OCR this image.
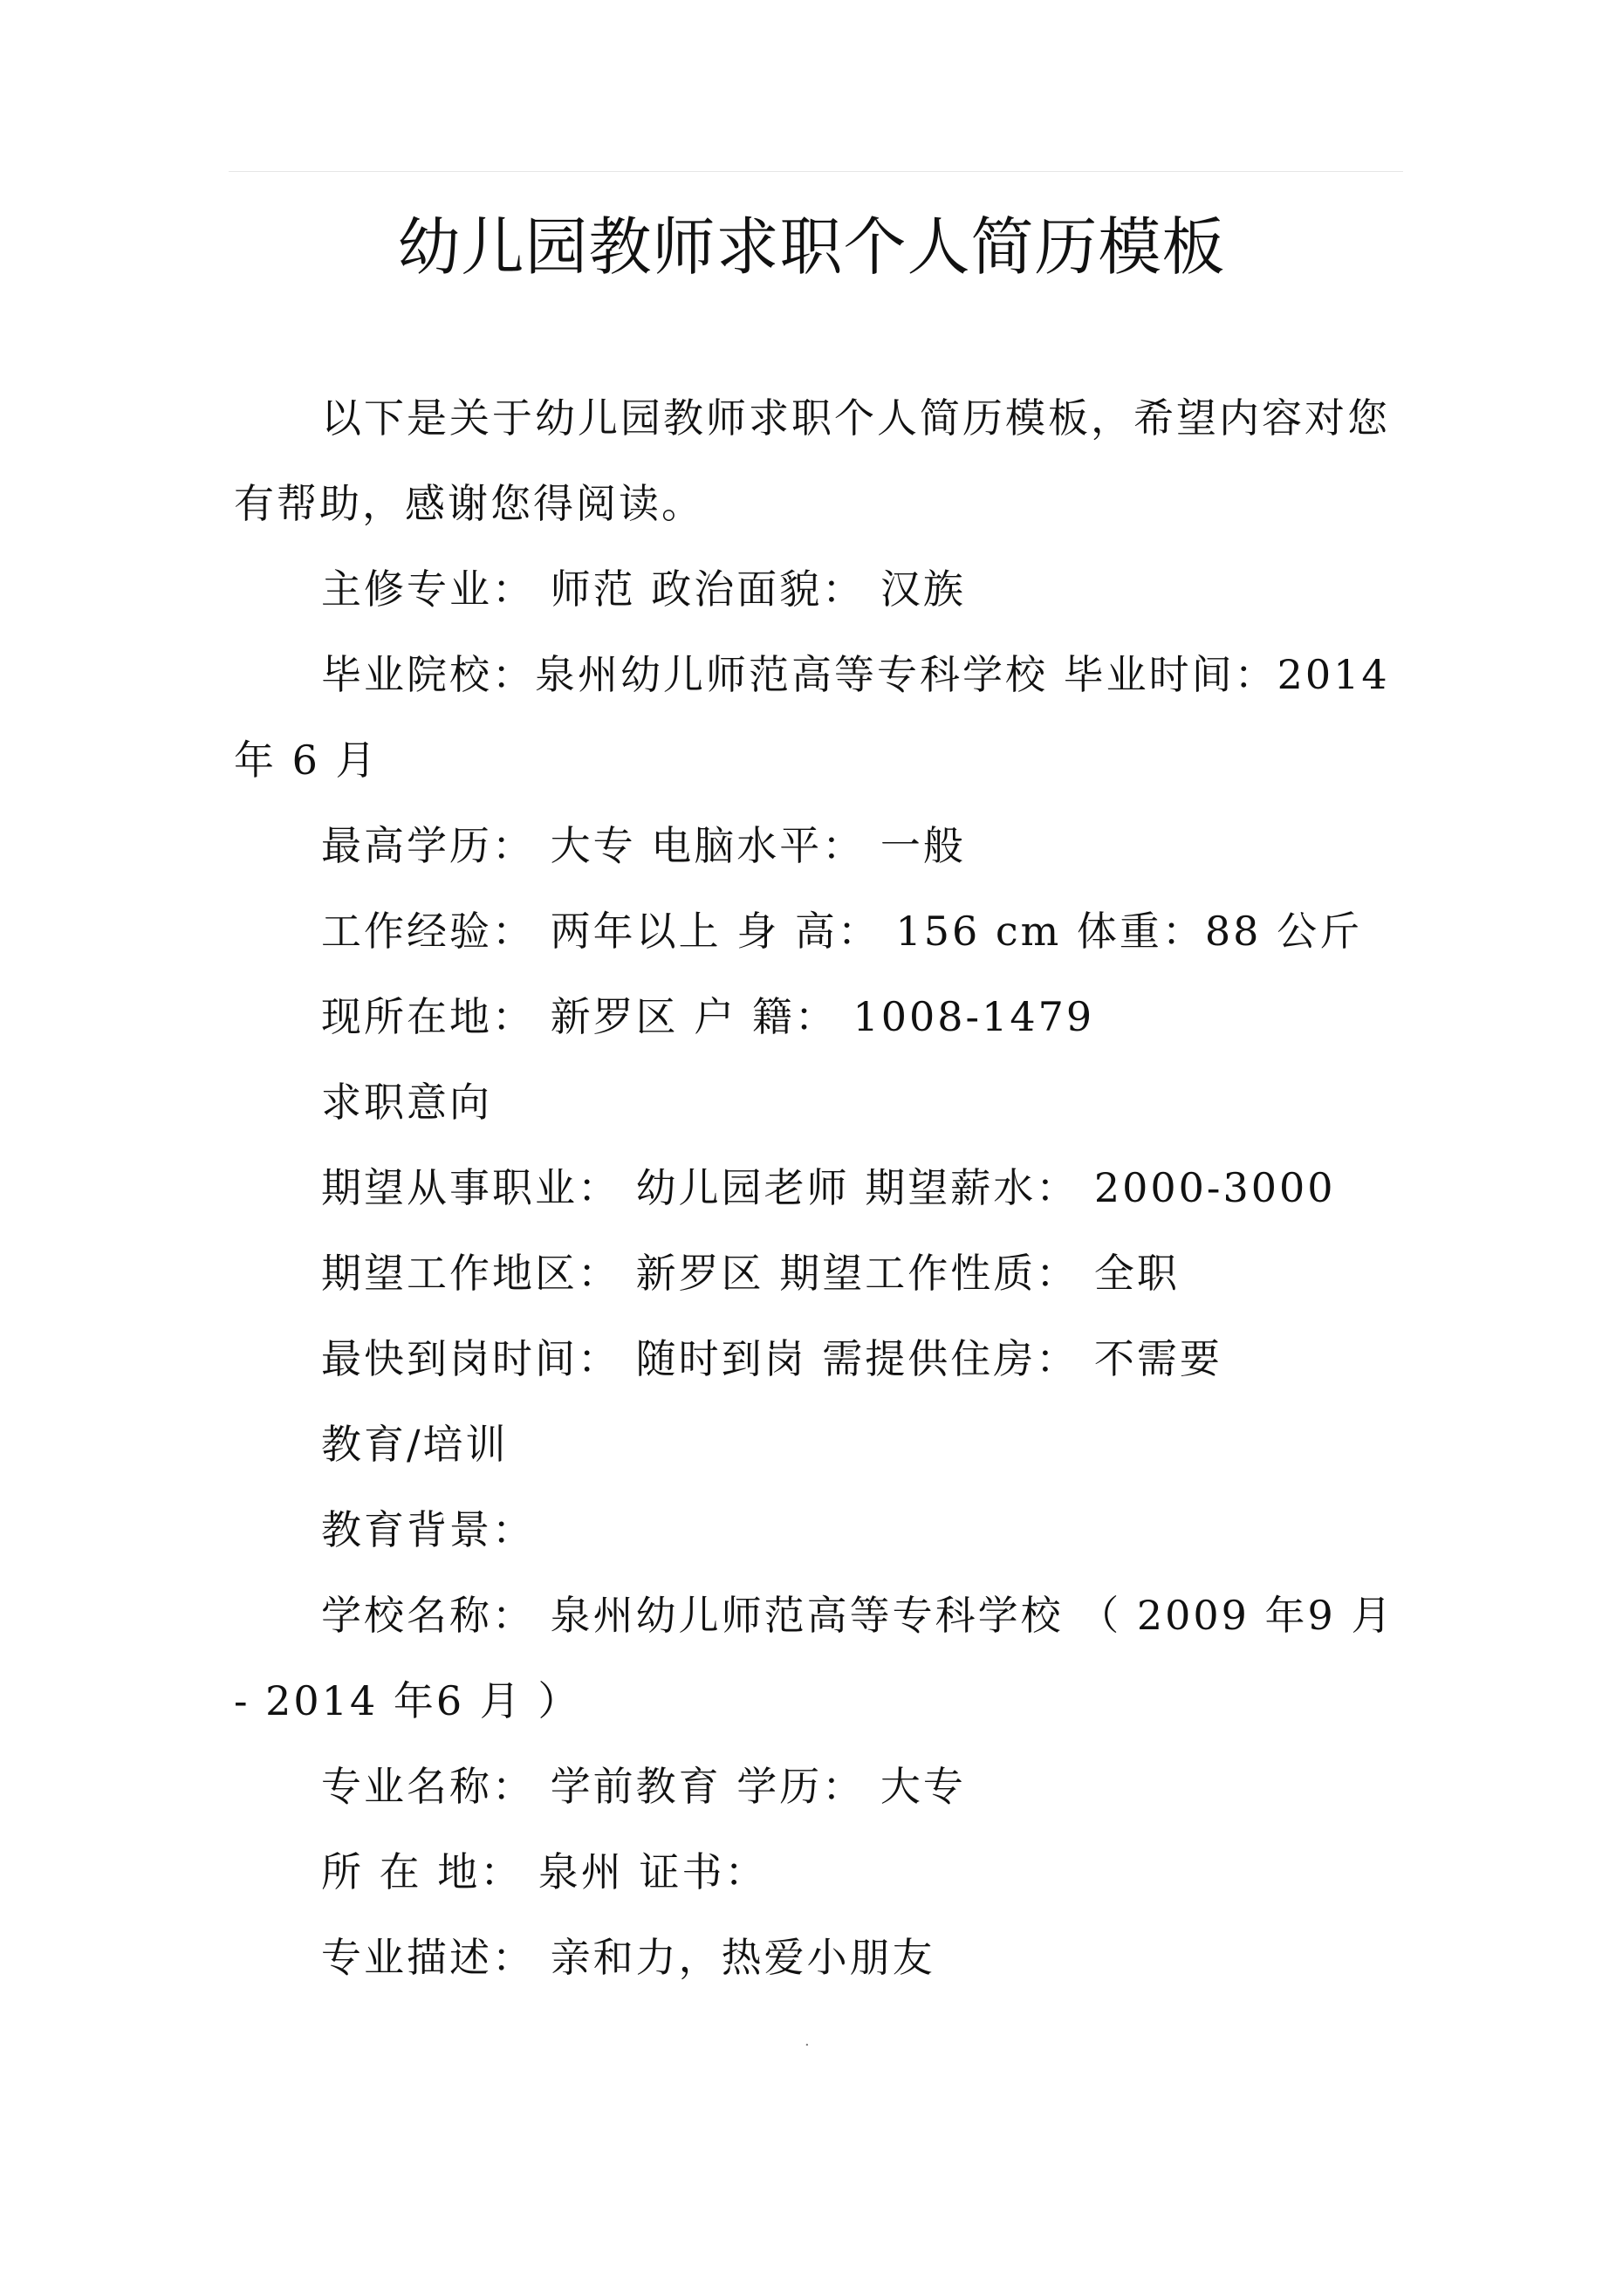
幼儿园教师求职个人简历模板

以下是关于幼儿园教师求职个人简历模板，希望内容对您有帮助，感谢您得阅读。

主修专业： 师范 政治面貌： 汉族

毕业院校：泉州幼儿师范高等专科学校 毕业时间：2014 年 6 月

最高学历： 大专 电脑水平： 一般

工作经验： 两年以上 身 高： 156 cm 体重：88 公斤

现所在地： 新罗区 户 籍： 1008-1479

求职意向

期望从事职业： 幼儿园老师 期望薪水： 2000-3000

期望工作地区： 新罗区 期望工作性质： 全职

最快到岗时间： 随时到岗 需提供住房： 不需要

教育/培训

教育背景：

学校名称： 泉州幼儿师范高等专科学校 （ 2009 年9 月 - 2014 年6 月 ）

专业名称： 学前教育 学历： 大专

所 在 地： 泉州 证书：

专业描述： 亲和力，热爱小朋友

.
